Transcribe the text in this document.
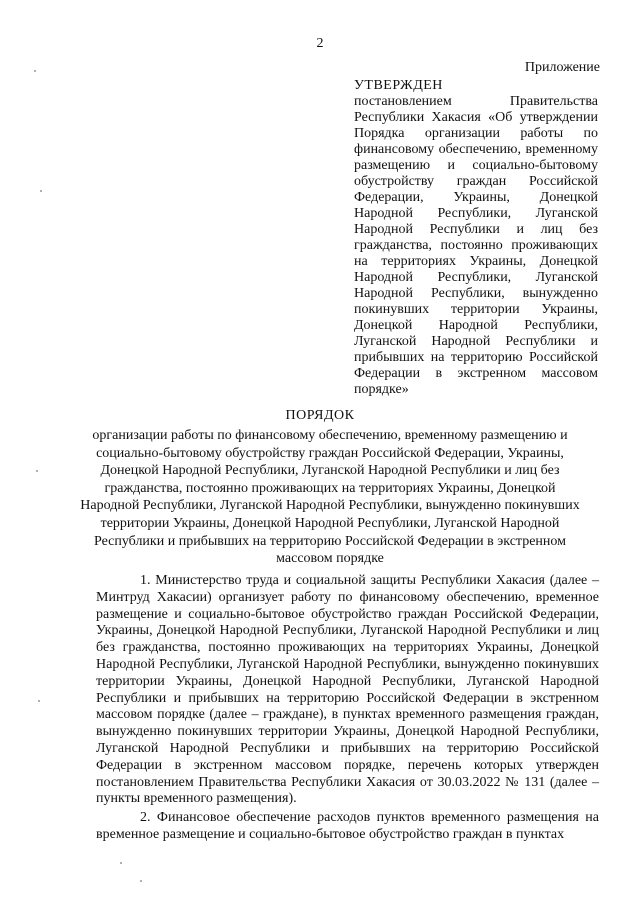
2
Приложение
УТВЕРЖДЕН
постановлением Правительства Республики Хакасия «Об утверждении Порядка организации работы по финансовому обеспечению, временному размещению и социально-бытовому обустройству граждан Российской Федерации, Украины, Донецкой Народной Республики, Луганской Народной Республики и лиц без гражданства, постоянно проживающих на территориях Украины, Донецкой Народной Республики, Луганской Народной Республики, вынужденно покинувших территории Украины, Донецкой Народной Республики, Луганской Народной Республики и прибывших на территорию Российской Федерации в экстренном массовом порядке»
ПОРЯДОК
организации работы по финансовому обеспечению, временному размещению и социально-бытовому обустройству граждан Российской Федерации, Украины, Донецкой Народной Республики, Луганской Народной Республики и лиц без гражданства, постоянно проживающих на территориях Украины, Донецкой Народной Республики, Луганской Народной Республики, вынужденно покинувших территории Украины, Донецкой Народной Республики, Луганской Народной Республики и прибывших на территорию Российской Федерации в экстренном массовом порядке

1. Министерство труда и социальной защиты Республики Хакасия (далее – Минтруд Хакасии) организует работу по финансовому обеспечению, временное размещение и социально-бытовое обустройство граждан Российской Федерации, Украины, Донецкой Народной Республики, Луганской Народной Республики и лиц без гражданства, постоянно проживающих на территориях Украины, Донецкой Народной Республики, Луганской Народной Республики, вынужденно покинувших территории Украины, Донецкой Народной Республики, Луганской Народной Республики и прибывших на территорию Российской Федерации в экстренном массовом порядке (далее – граждане), в пунктах временного размещения граждан, вынужденно покинувших территории Украины, Донецкой Народной Республики, Луганской Народной Республики и прибывших на территорию Российской Федерации в экстренном массовом порядке, перечень которых утвержден постановлением Правительства Республики Хакасия от 30.03.2022 № 131 (далее – пункты временного размещения).

2. Финансовое обеспечение расходов пунктов временного размещения на временное размещение и социально-бытовое обустройство граждан в пунктах
